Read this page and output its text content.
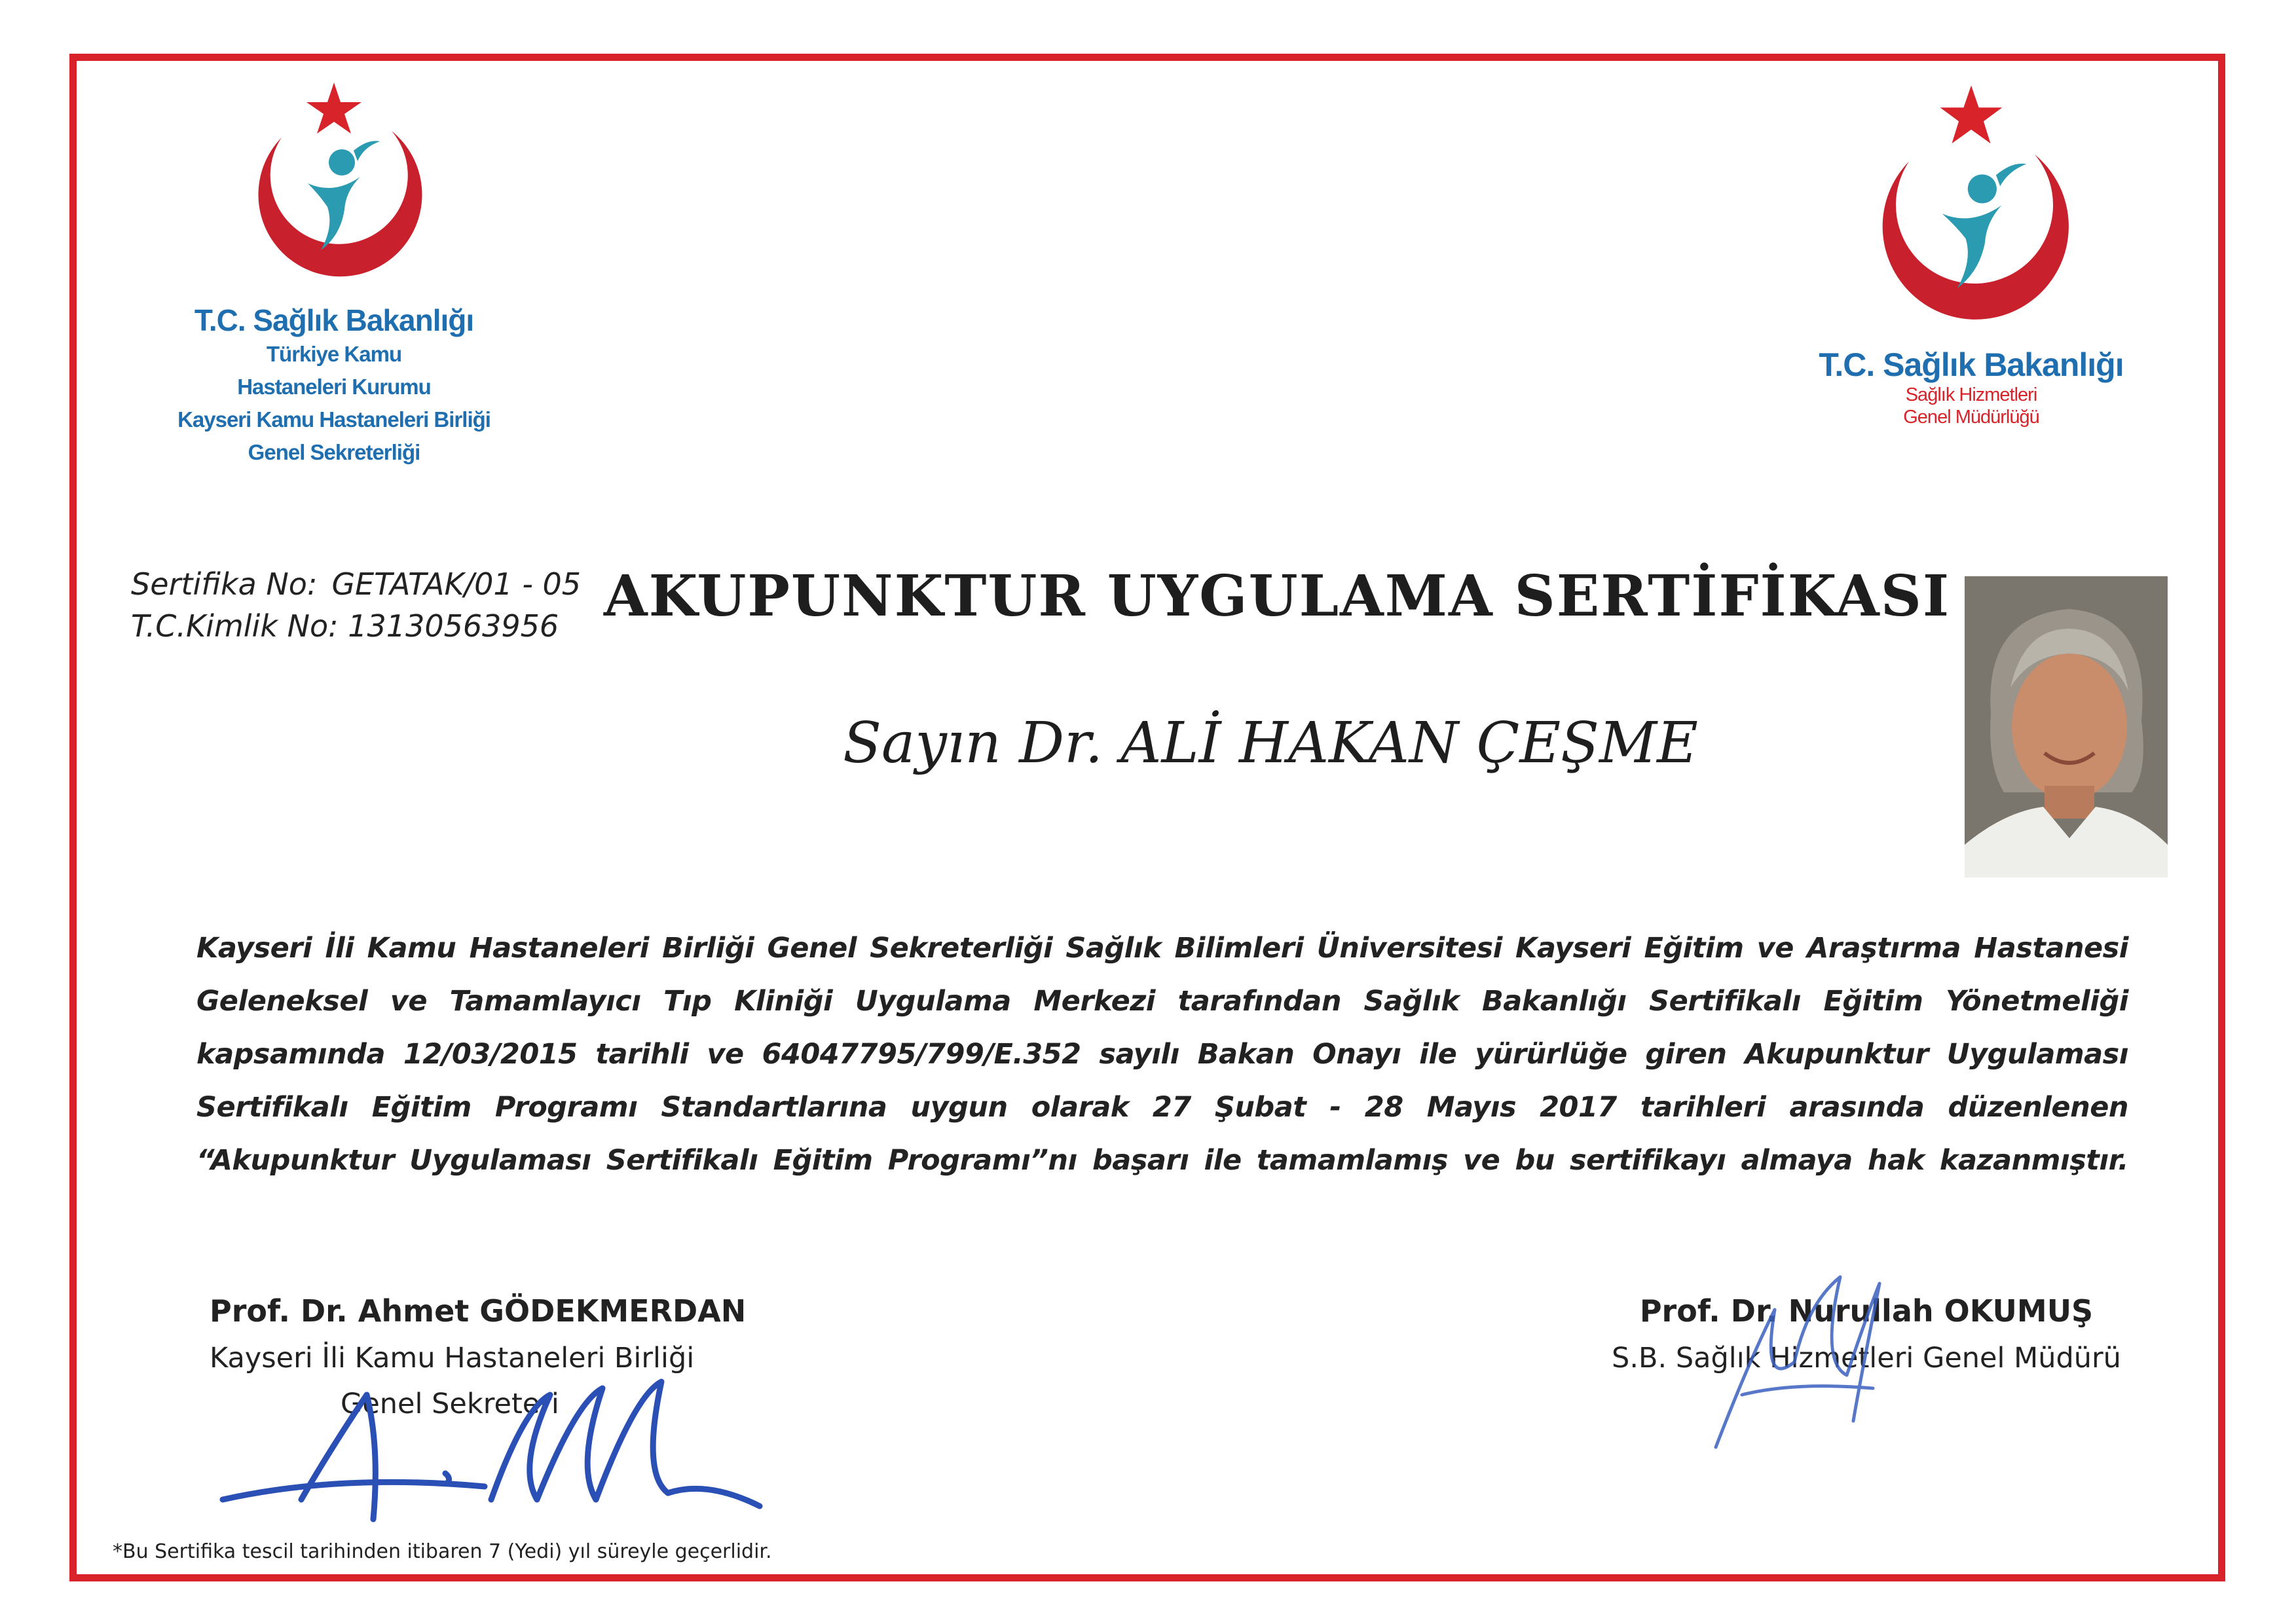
T.C. Sağlık Bakanlığı
Türkiye Kamu
Hastaneleri Kurumu
Kayseri Kamu Hastaneleri Birliği
Genel Sekreterliği
T.C. Sağlık Bakanlığı
Sağlık Hizmetleri
Genel Müdürlüğü
Sertifika No: GETATAK/01 - 05
T.C.Kimlik No: 13130563956 AKUPUNKTUR UYGULAMA SERTİFİKASI
Sayın Dr. ALİ HAKAN ÇEŞME
Kayseri İli Kamu Hastaneleri Birliği Genel Sekreterliği Sağlık Bilimleri Üniversitesi Kayseri Eğitim ve Araştırma Hastanesi
Geleneksel ve Tamamlayıcı Tıp Kliniği Uygulama Merkezi tarafından Sağlık Bakanlığı Sertifikalı Eğitim Yönetmeliği
kapsamında 12/03/2015 tarihli ve 64047795/799/E.352 sayılı Bakan Onayı ile yürürlüğe giren Akupunktur Uygulaması
Sertifikalı Eğitim Programı Standartlarına uygun olarak 27 Şubat - 28 Mayıs 2017 tarihleri arasında düzenlenen
“Akupunktur Uygulaması Sertifikalı Eğitim Programı”nı başarı ile tamamlamış ve bu sertifikayı almaya hak kazanmıştır.
Prof. Dr. Ahmet GÖDEKMERDAN
Kayseri İli Kamu Hastaneleri Birliği
Genel Sekreteri
Prof. Dr. Nurullah OKUMUŞ
S.B. Sağlık Hizmetleri Genel Müdürü
*Bu Sertifika tescil tarihinden itibaren 7 (Yedi) yıl süreyle geçerlidir.
